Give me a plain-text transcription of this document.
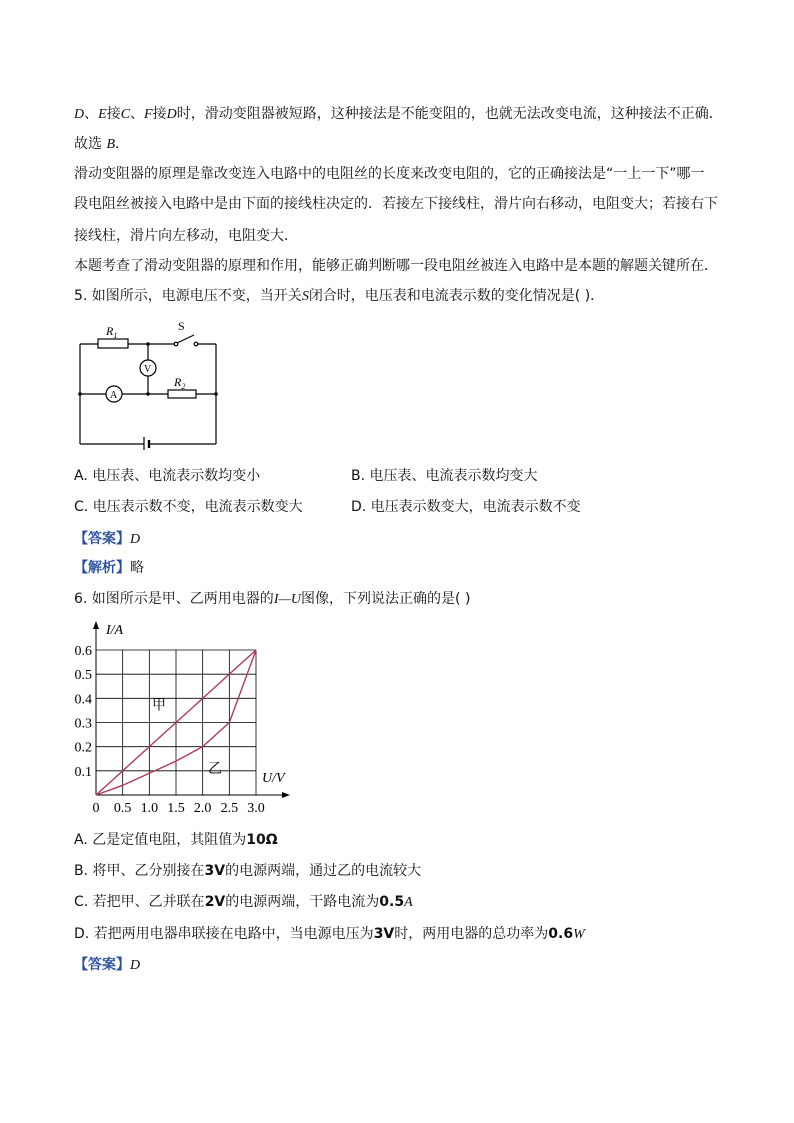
D、E接C、F接D时，滑动变阻器被短路，这种接法是不能变阻的，也就无法改变电流，这种接法不正确．
故选 B．
滑动变阻器的原理是靠改变连入电路中的电阻丝的长度来改变电阻的，它的正确接法是“一上一下”哪一
段电阻丝被接入电路中是由下面的接线柱决定的．若接左下接线柱，滑片向右移动，电阻变大；若接右下
接线柱，滑片向左移动，电阻变大．
本题考查了滑动变阻器的原理和作用，能够正确判断哪一段电阻丝被连入电路中是本题的解题关键所在．
5. 如图所示，电源电压不变，当开关S闭合时，电压表和电流表示数的变化情况是( )．
$R_1$
S
V
A
$R_2$
A. 电压表、电流表示数均变小	B. 电压表、电流表示数均变大
C. 电压表示数不变，电流表示数变大	D. 电压表示数变大，电流表示数不变
【答案】D
【解析】略
6. 如图所示是甲、乙两用电器的I—U图像，下列说法正确的是( )
0.5 1.0 1.5 2.0 2.5 3.0
0.1
0.2
0.3
0.4
0.5
0.6
0
I/A
U/V
甲
乙
A. 乙是定值电阻，其阻值为10Ω
B. 将甲、乙分别接在3V的电源两端，通过乙的电流较大
C. 若把甲、乙并联在2V的电源两端，干路电流为0.5A
D. 若把两用电器串联接在电路中，当电源电压为3V时，两用电器的总功率为0.6W
【答案】D
